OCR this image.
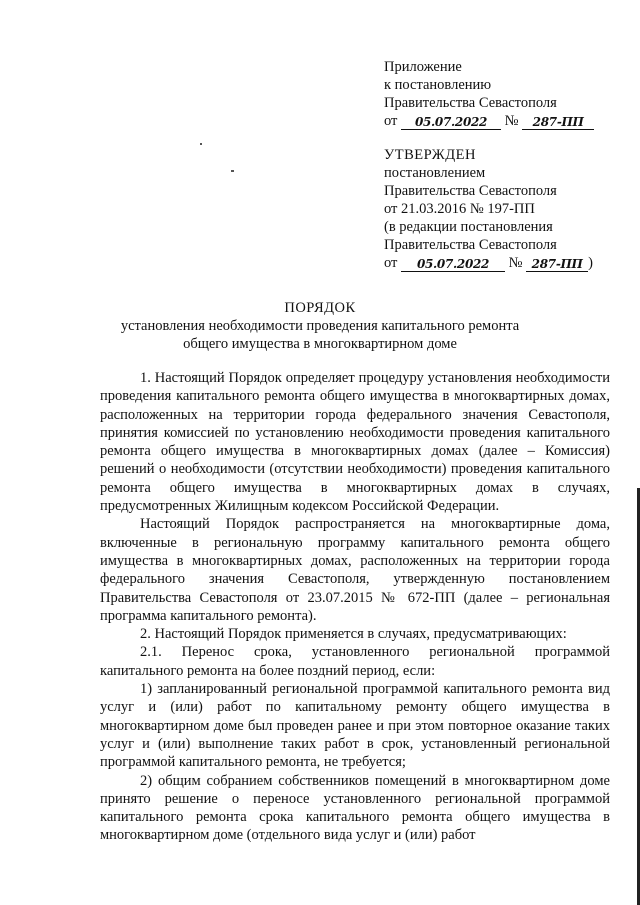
Приложение
к постановлению
Правительства Севастополя
от 05.07.2022 № 287-ПП
УТВЕРЖДЕН
постановлением
Правительства Севастополя
от 21.03.2016 № 197-ПП
(в редакции постановления
Правительства Севастополя
от 05.07.2022 № 287-ПП )
ПОРЯДОК
установления необходимости проведения капитального ремонта
общего имущества в многоквартирном доме

1. Настоящий Порядок определяет процедуру установления необходимости проведения капитального ремонта общего имущества в многоквартирных домах, расположенных на территории города федерального значения Севастополя, принятия комиссией по установлению необходимости проведения капитального ремонта общего имущества в многоквартирных домах (далее – Комиссия) решений о необходимости (отсутствии необходимости) проведения капитального ремонта общего имущества в многоквартирных домах в случаях, предусмотренных Жилищным кодексом Российской Федерации.

Настоящий Порядок распространяется на многоквартирные дома, включенные в региональную программу капитального ремонта общего имущества в многоквартирных домах, расположенных на территории города федерального значения Севастополя, утвержденную постановлением Правительства Севастополя от 23.07.2015 № 672-ПП (далее – региональная программа капитального ремонта).

2. Настоящий Порядок применяется в случаях, предусматривающих:

2.1. Перенос срока, установленного региональной программой капитального ремонта на более поздний период, если:

1) запланированный региональной программой капитального ремонта вид услуг и (или) работ по капитальному ремонту общего имущества в многоквартирном доме был проведен ранее и при этом повторное оказание таких услуг и (или) выполнение таких работ в срок, установленный региональной программой капитального ремонта, не требуется;

2) общим собранием собственников помещений в многоквартирном доме принято решение о переносе установленного региональной программой капитального ремонта срока капитального ремонта общего имущества в многоквартирном доме (отдельного вида услуг и (или) работ
